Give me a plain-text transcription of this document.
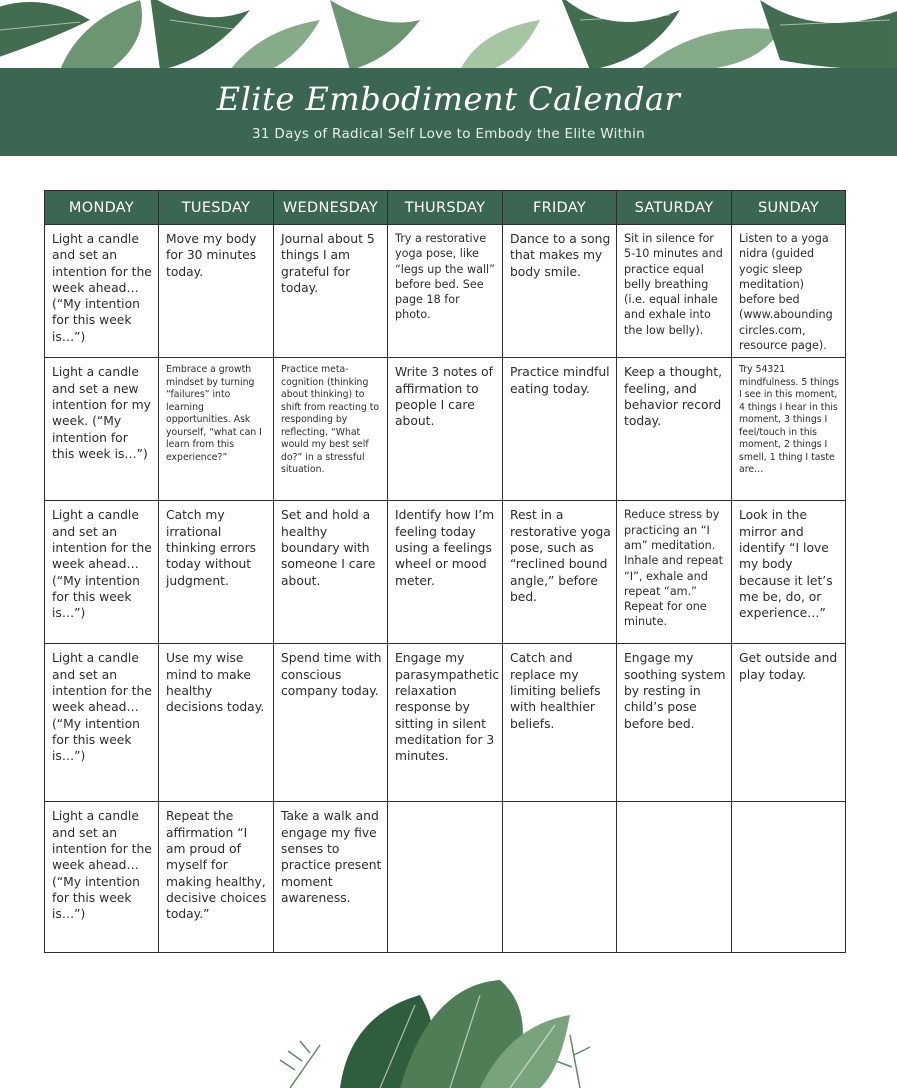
Elite Embodiment Calendar
31 Days of Radical Self Love to Embody the Elite Within
MONDAY	TUESDAY	WEDNESDAY	THURSDAY	FRIDAY	SATURDAY	SUNDAY
Light a candle and set an intention for the week ahead…(“My intention for this week is…”)	Move my body for 30 minutes today.	Journal about 5 things I am grateful for today.	Try a restorative yoga pose, like “legs up the wall” before bed. See page 18 for photo.	Dance to a song that makes my body smile.	Sit in silence for 5-10 minutes and practice equal belly breathing (i.e. equal inhale and exhale into the low belly).	Listen to a yoga nidra (guided yogic sleep meditation) before bed (www.abounding circles.com, resource page).
Light a candle and set a new intention for my week. (“My intention for this week is…”)	Embrace a growth mindset by turning “failures” into learning opportunities. Ask yourself, “what can I learn from this experience?”	Practice meta-cognition (thinking about thinking) to shift from reacting to responding by reflecting, “What would my best self do?” in a stressful situation.	Write 3 notes of affirmation to people I care about.	Practice mindful eating today.	Keep a thought, feeling, and behavior record today.	Try 54321 mindfulness. 5 things I see in this moment, 4 things I hear in this moment, 3 things I feel/touch in this moment, 2 things I smell, 1 thing I taste are…
Light a candle and set an intention for the week ahead…(“My intention for this week is…”)	Catch my irrational thinking errors today without judgment.	Set and hold a healthy boundary with someone I care about.	Identify how I’m feeling today using a feelings wheel or mood meter.	Rest in a restorative yoga pose, such as “reclined bound angle,” before bed.	Reduce stress by practicing an “I am” meditation. Inhale and repeat “I”, exhale and repeat “am.” Repeat for one minute.	Look in the mirror and identify “I love my body because it let’s me be, do, or experience…”
Light a candle and set an intention for the week ahead…(“My intention for this week is…”)	Use my wise mind to make healthy decisions today.	Spend time with conscious company today.	Engage my parasympathetic relaxation response by sitting in silent meditation for 3 minutes.	Catch and replace my limiting beliefs with healthier beliefs.	Engage my soothing system by resting in child’s pose before bed.	Get outside and play today.
Light a candle and set an intention for the week ahead…(“My intention for this week is…”)	Repeat the affirmation “I am proud of myself for making healthy, decisive choices today.”	Take a walk and engage my five senses to practice present moment awareness.				
